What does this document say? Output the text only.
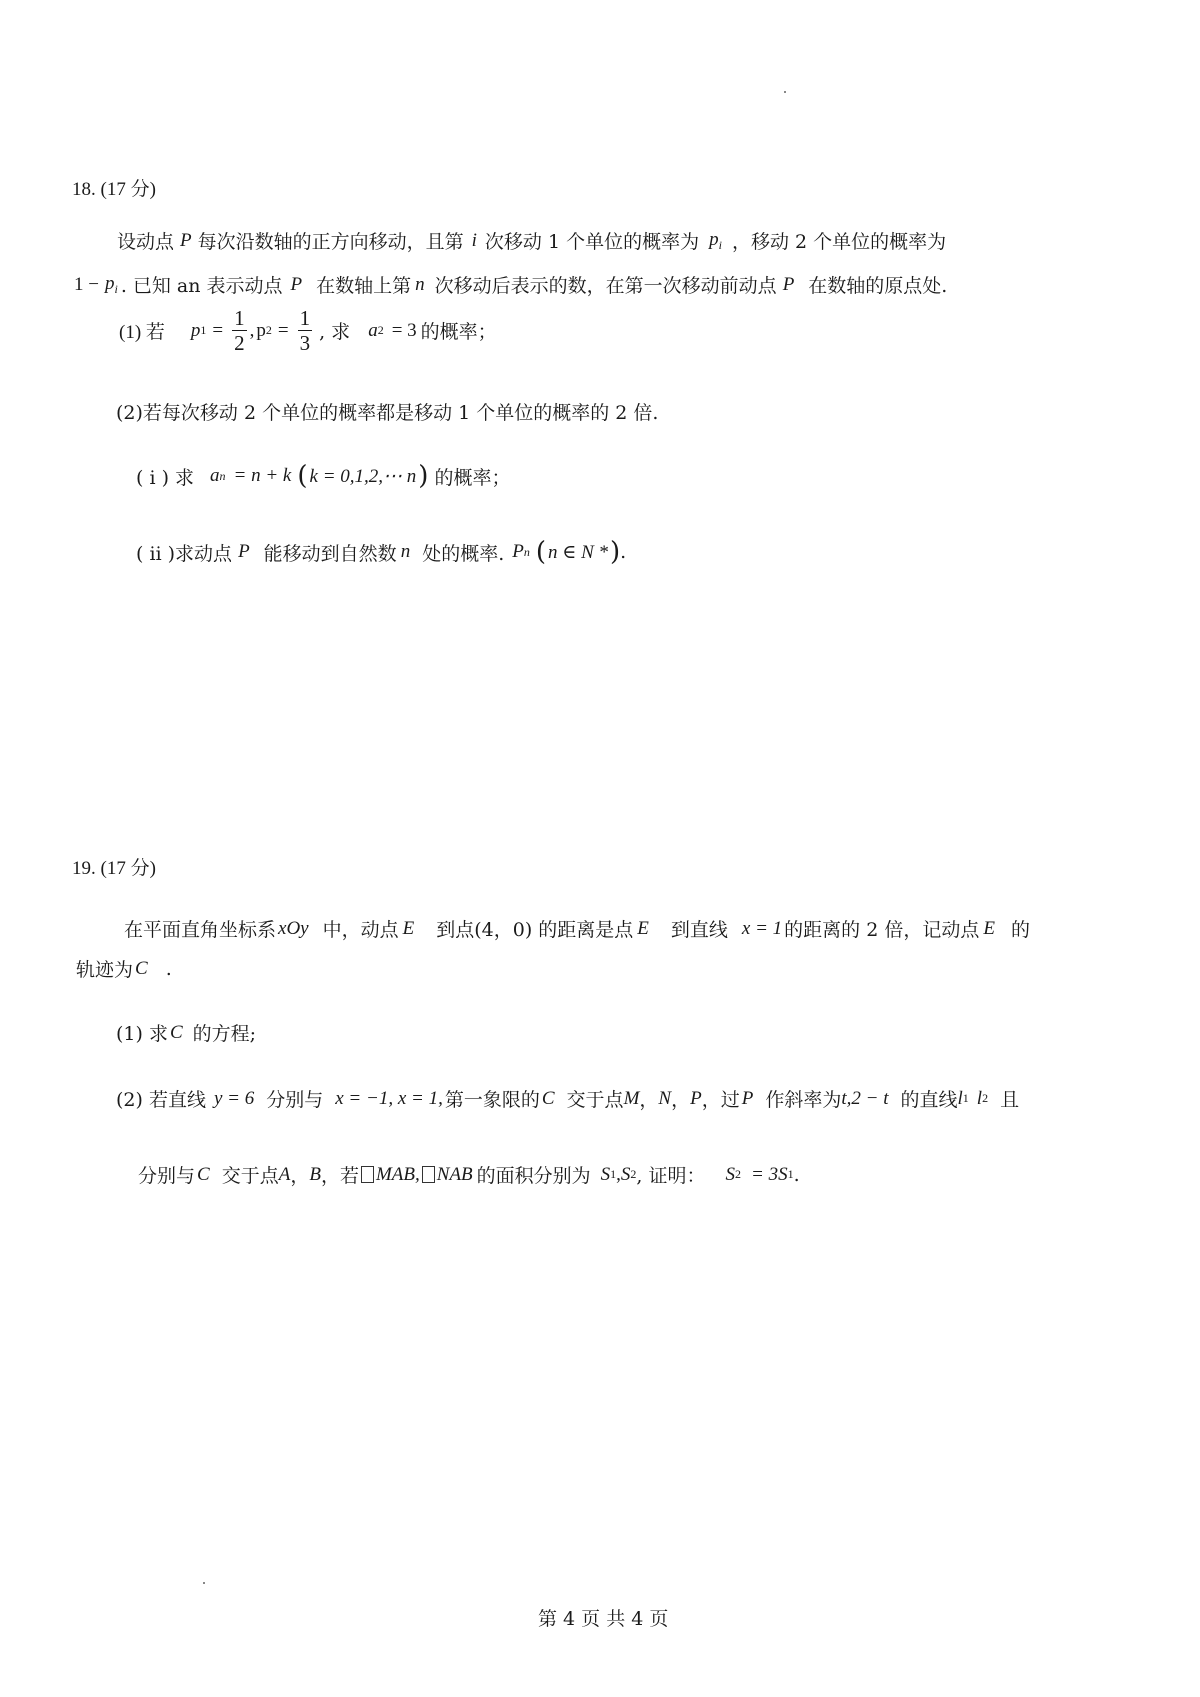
18. (17 分)
设动点 P 每次沿数轴的正方向移动，且第 i 次移动 1 个单位的概率为 $p_i$ ，移动 2 个单位的概率为
$1 - p_i$ . 已知 an 表示动点 P 在数轴上第 n 次移动后表示的数，在第一次移动前动点 P 在数轴的原点处.
(1) 若 p $1 = \frac{1}{2}$ , p $2 = \frac{1}{3}$ , 求 a 2 = 3 的概率；
(2)若每次移动 2 个单位的概率都是移动 1 个单位的概率的 2 倍.
( ⅰ ) 求 a n = n + k ( k = 0,1,2,⋯ n ) 的概率；
( ⅱ )求动点 P 能移动到自然数 n 处的概率. P n ( n ∈ N * ) .
19. (17 分)
在平面直角坐标系 xOy 中，动点 E 到点(4，0) 的距离是点 E 到直线 x = 1 的距离的 2 倍，记动点 E 的
轨迹为 C .
(1) 求 C 的方程;
(2) 若直线 y = 6 分别与 x = −1, x = 1, 第一象限的 C 交于点 M ， N ， P ，过 P 作斜率为 t,2 − t 的直线 l 1 l 2 且
分别与 C 交于点 A ， B ，若 MAB, NAB 的面积分别为 S 1 , S 2 , 证明： S 2 = 3 S 1 .
第 4 页 共 4 页
